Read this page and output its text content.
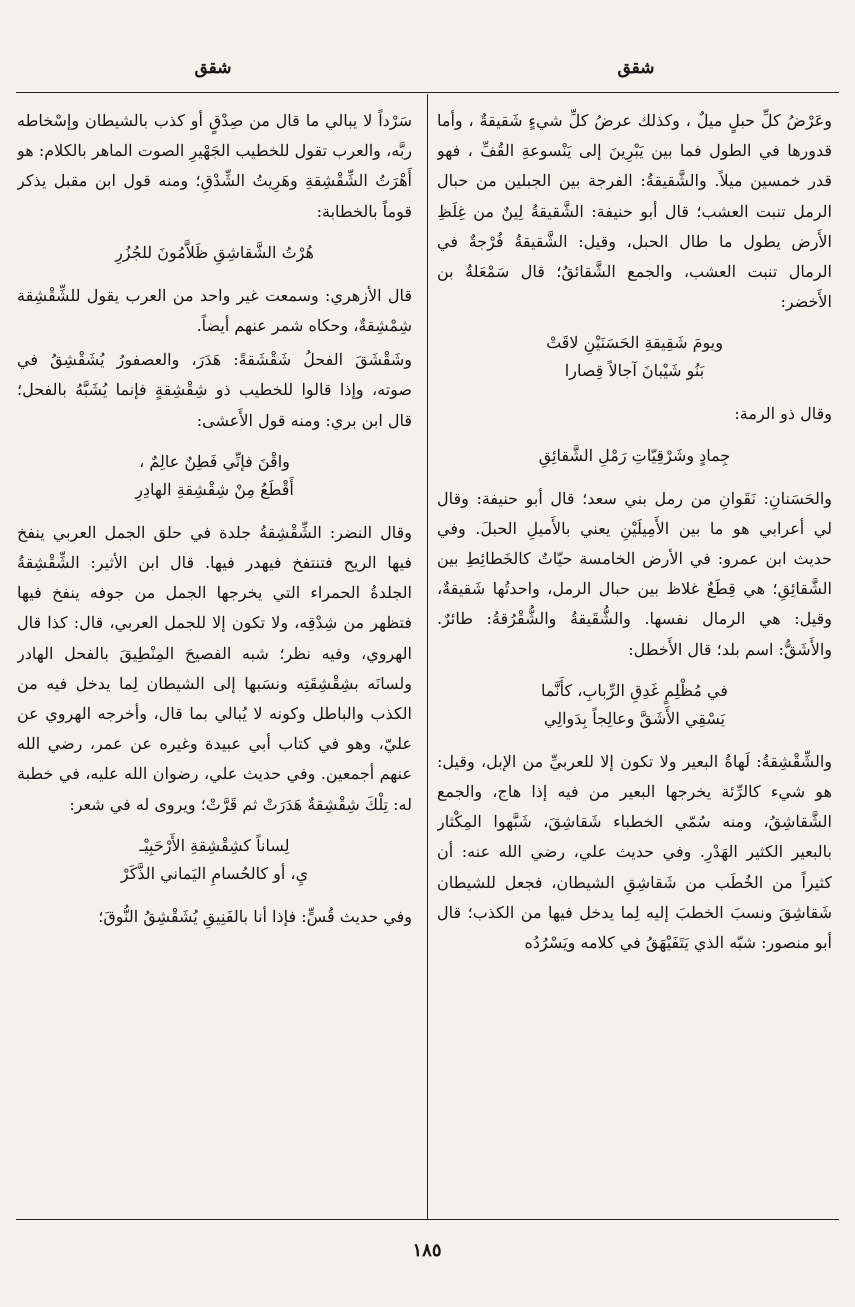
شقق
شقق

وعَرْضُ كلِّ حبلٍ ميلٌ ، وكذلك عرضُ كلِّ شيءٍ شَقيقةٌ ، وأما قدورها في الطول فما بين يَبْرِينَ إلى يَنْسوعةِ القُفِّ ، فهو قدر خمسين ميلاً. والشَّقيقةُ: الفرجة بين الجبلين من حبال الرمل تنبت العشب؛ قال أبو حنيفة: الشَّقيقةُ لِينٌ من غِلَظِ الأَرض يطول ما طال الحبل، وقيل: الشَّقيقةُ فُرْجةٌ في الرمال تنبت العشب، والجمع الشَّقائقُ؛ قال سَمْعَلةُ بن الأَخضر:

ويومَ شَقِيقةِ الحَسَنَيْنِ لاقَتْ
بَنُو شَيْبانَ آجالاً قِصارا

وقال ذو الرمة:

جِمادٍ وشَرْقِيّاتِ رَمْلِ الشَّقائِقِ

والحَسَنانِ: نَقَوانِ من رمل بني سعد؛ قال أبو حنيفة: وقال لي أعرابي هو ما بين الأَمِيلَيْنِ يعني بالأَميلِ الحبلَ. وفي حديث ابن عمرو: في الأرض الخامسة حيّاتٌ كالخَطائِطِ بين الشَّقائِقِ؛ هي قِطَعٌ غلاظ بين حبال الرمل، واحدتُها شَقيقةٌ، وقيل: هي الرمال نفسها. والشُّقَيقةُ والشُّقْرُقةُ: طائرٌ. والأَشَقُّ: اسم بلد؛ قال الأَخطل:

في مُظْلِمٍ غَدِقِ الرِّبابِ، كأَنَّما
يَسْقِي الأَشَقَّ وعالِجاً بِدَوالِي

والشِّقْشِقةُ: لَهاةُ البعير ولا تكون إلا للعربيِّ من الإبل، وقيل: هو شيء كالرِّئة يخرجها البعير من فيه إذا هاج، والجمع الشَّقاشِقُ، ومنه سُمّي الخطباء شَقاشِقَ، شَبَّهوا المِكْثار بالبعير الكثير الهَدْرِ. وفي حديث علي، رضي الله عنه: أن كثيراً من الخُطَب من شَقاشِقِ الشيطان، فجعل للشيطان شَقاشِقَ ونسبَ الخطبَ إليه لِما يدخل فيها من الكذب؛ قال أبو منصور: شبّه الذي يَتَفَيْهَقُ في كلامه ويَسْرُدُه

سَرْداً لا يبالي ما قال من صِدْقٍ أو كذب بالشيطان وإسْخاطه ربَّه، والعرب تقول للخطيب الجَهْيرِ الصوت الماهر بالكلام: هو أَهْرَتُ الشِّقْشِقةِ وهَرِيتُ الشِّدْقِ؛ ومنه قول ابن مقبل يذكر قوماً بالخطابة:

هُرْتُ الشَّقاشِقِ ظَلاَّمُونَ للجُزُرِ

قال الأزهري: وسمعت غير واحد من العرب يقول للشِّقْشِقة شِمْشِقةٌ، وحكاه شمر عنهم أيضاً.

وشَقْشَقَ الفحلُ شَقْشَقةً: هَدَرَ، والعصفورُ يُشَقْشِقُ في صوته، وإذا قالوا للخطيب ذو شِقْشِقةٍ فإنما يُشَبَّهُ بالفحل؛ قال ابن بري: ومنه قول الأَعشى:

واقْنَ فإنِّي فَطِنٌ عالِمٌ ،
أَقْطَعُ مِنْ شِقْشِقةِ الهادِرِ

وقال النضر: الشِّقْشِقةُ جلدة في حلق الجمل العربي ينفخ فيها الريح فتنتفخ فيهدر فيها. قال ابن الأثير: الشِّقْشِقةُ الجلدةُ الحمراء التي يخرجها الجمل من جوفه ينفخ فيها فتظهر من شِدْقِه، ولا تكون إلا للجمل العربي، قال: كذا قال الهروي، وفيه نظر؛ شبه الفصيحَ المِنْطِيقَ بالفحل الهادر ولسانَه بشِقْشِقَتِه ونسَبها إلى الشيطان لِما يدخل فيه من الكذب والباطل وكونه لا يُبالي بما قال، وأخرجه الهروي عن عليّ، وهو في كتاب أبي عبيدة وغيره عن عمر، رضي الله عنهم أجمعين. وفي حديث علي، رضوان الله عليه، في خطبة له: تِلْكَ شِقْشِقةٌ هَدَرَتْ ثم قَرَّتْ؛ ويروى له في شعر:

لِساناً كشِقْشِقةِ الأَرْحَبِيْـ
يِ، أو كالحُسامِ اليَماني الذَّكَرْ

وفي حديث قُسٍّ: فإذا أنا بالفَنِيقِ يُشَقْشِقُ النُّوقَ؛

١٨٥
